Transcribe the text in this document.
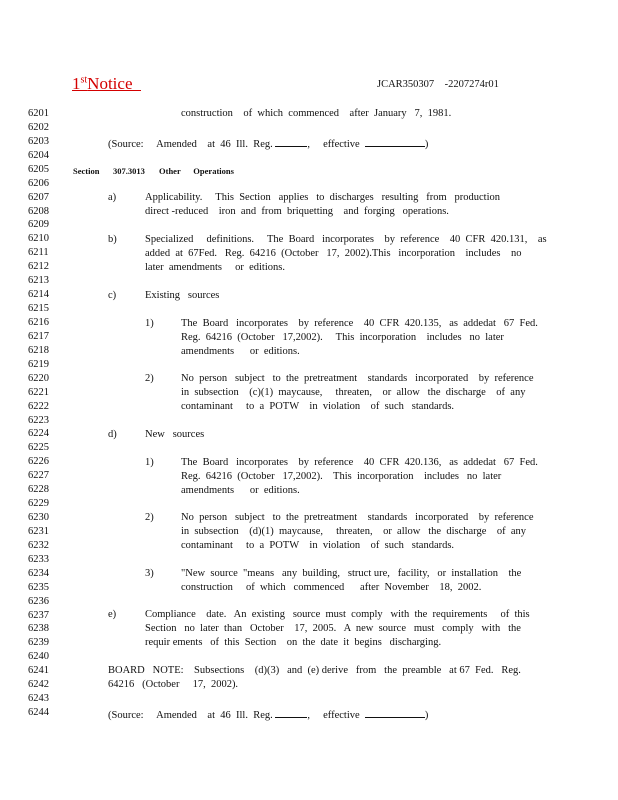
1stNotice	JCAR350307    -2207274r01
6201
6202
6203
6204
6205
6206
6207
6208
6209
6210
6211
6212
6213
6214
6215
6216
6217
6218
6219
6220
6221
6222
6223
6224
6225
6226
6227
6228
6229
6230
6231
6232
6233
6234
6235
6236
6237
6238
6239
6240
6241
6242
6243
6244
construction    of  which  commenced    after  January   7,  1981.
(Source:     Amended    at  46  Ill.  Reg.	,     effective	)
Section 307.3013 Other      Operations
a)	Applicability.     This  Section   applies   to  discharges   resulting   from   production
direct -reduced    iron  and  from  briquetting    and  forging   operations.
b)	Specialized     definitions.     The  Board   incorporates    by  reference    40  CFR  420.131,    as
added  at  67Fed.   Reg.  64216  (October   17,  2002).This   incorporation    includes    no
later  amendments     or  editions.
c)	Existing   sources
1)	The  Board   incorporates    by  reference    40  CFR  420.135,   as  addedat   67  Fed.
Reg.  64216  (October   17,2002).     This  incorporation    includes   no  later
amendments      or  editions.
2)	No  person   subject   to  the  pretreatment    standards   incorporated    by  reference
in  subsection    (c)(1)  maycause,     threaten,    or  allow   the  discharge    of  any
contaminant     to  a  POTW    in  violation    of  such   standards.
d)	New   sources
1)	The  Board   incorporates    by  reference    40  CFR  420.136,   as  addedat   67  Fed.
Reg.  64216  (October   17,2002).    This  incorporation    includes   no  later
amendments      or  editions.
2)	No  person   subject   to  the  pretreatment    standards   incorporated    by  reference
in  subsection    (d)(1)  maycause,     threaten,    or  allow   the  discharge    of  any
contaminant     to  a  POTW    in  violation    of  such   standards.
3)	"New  source  "means   any  building,   struct ure,   facility,   or  installation    the
construction     of  which   commenced      after  November    18,  2002.
e)	Compliance    date.   An  existing   source  must  comply   with  the  requirements     of  this
Section   no  later  than   October    17,  2005.   A  new  source   must   comply   with   the
requir ements   of  this  Section    on  the  date  it  begins   discharging.
BOARD   NOTE:    Subsections    (d)(3)   and  (e) derive   from   the  preamble   at 67  Fed.   Reg.
64216   (October     17,  2002).
(Source:     Amended    at  46  Ill.  Reg.	,     effective	)
